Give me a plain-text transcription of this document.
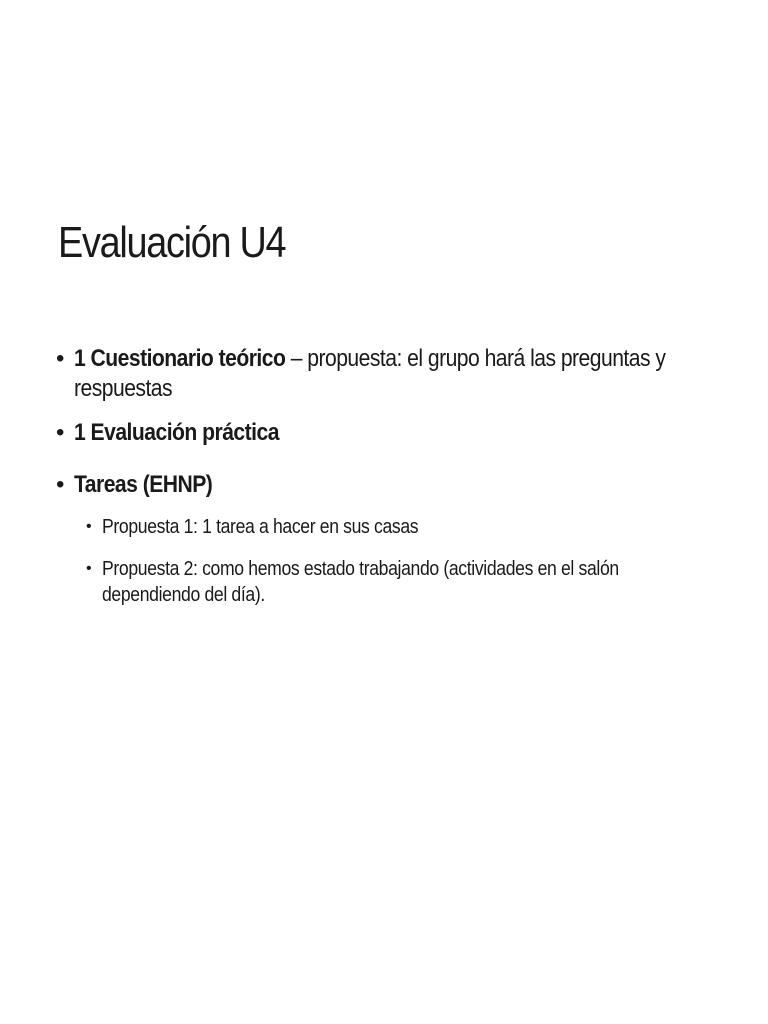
Evaluación U4
• 1 Cuestionario teórico – propuesta: el grupo hará las preguntas y respuestas
• 1 Evaluación práctica
• Tareas (EHNP)
• Propuesta 1: 1 tarea a hacer en sus casas
• Propuesta 2: como hemos estado trabajando (actividades en el salón dependiendo del día).
